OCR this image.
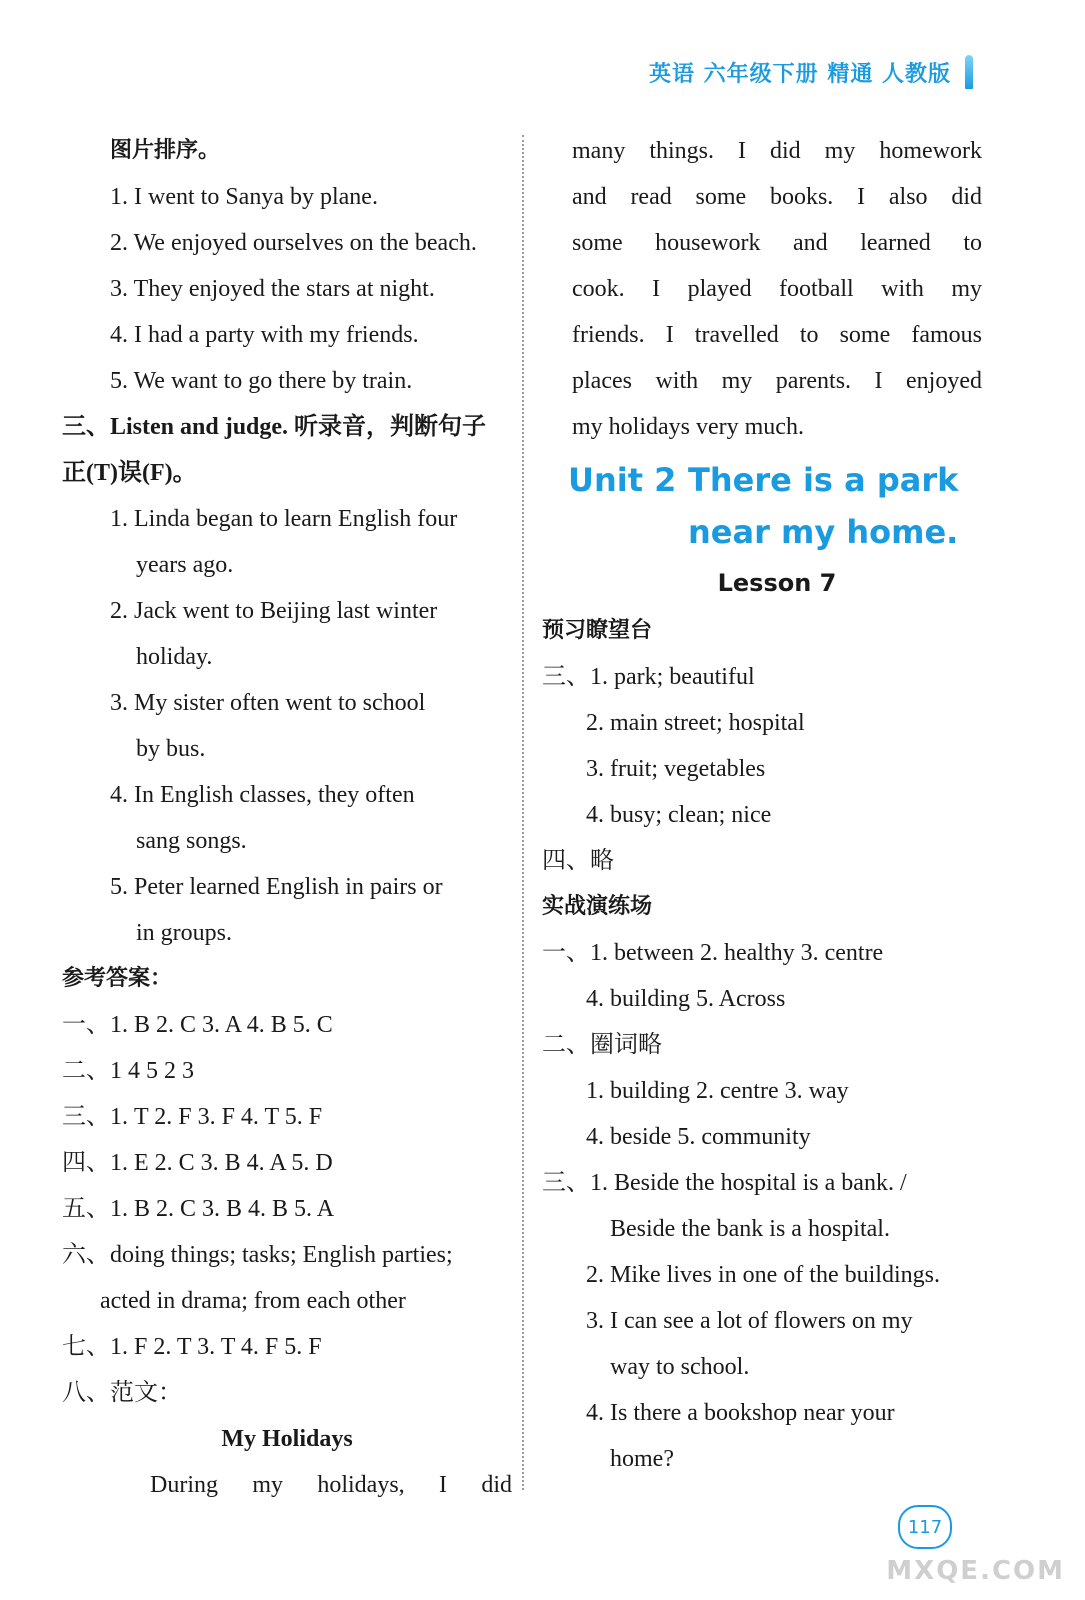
英语 六年级下册 精通 人教版
图片排序。
1. I went to Sanya by plane.
2. We enjoyed ourselves on the beach.
3. They enjoyed the stars at night.
4. I had a party with my friends.
5. We want to go there by train.
三、Listen and judge. 听录音，判断句子
正(T)误(F)。
1. Linda began to learn English four
years ago.
2. Jack went to Beijing last winter
holiday.
3. My sister often went to school
by bus.
4. In English classes, they often
sang songs.
5. Peter learned English in pairs or
in groups.
参考答案：
一、1. B 2. C 3. A 4. B 5. C
二、1 4 5 2 3
三、1. T 2. F 3. F 4. T 5. F
四、1. E 2. C 3. B 4. A 5. D
五、1. B 2. C 3. B 4. B 5. A
六、doing things; tasks; English parties;
acted in drama; from each other
七、1. F 2. T 3. T 4. F 5. F
八、范文：
My Holidays
During my holidays, I did
many things. I did my homework
and read some books. I also did
some housework and learned to
cook. I played football with my
friends. I travelled to some famous
places with my parents. I enjoyed
my holidays very much.
Unit 2 There is a park
near my home.
Lesson 7
预习瞭望台
三、1. park; beautiful
2. main street; hospital
3. fruit; vegetables
4. busy; clean; nice
四、略
实战演练场
一、1. between 2. healthy 3. centre
4. building 5. Across
二、圈词略
1. building 2. centre 3. way
4. beside 5. community
三、1. Beside the hospital is a bank. /
Beside the bank is a hospital.
2. Mike lives in one of the buildings.
3. I can see a lot of flowers on my
way to school.
4. Is there a bookshop near your
home?
117
MXQE.COM
